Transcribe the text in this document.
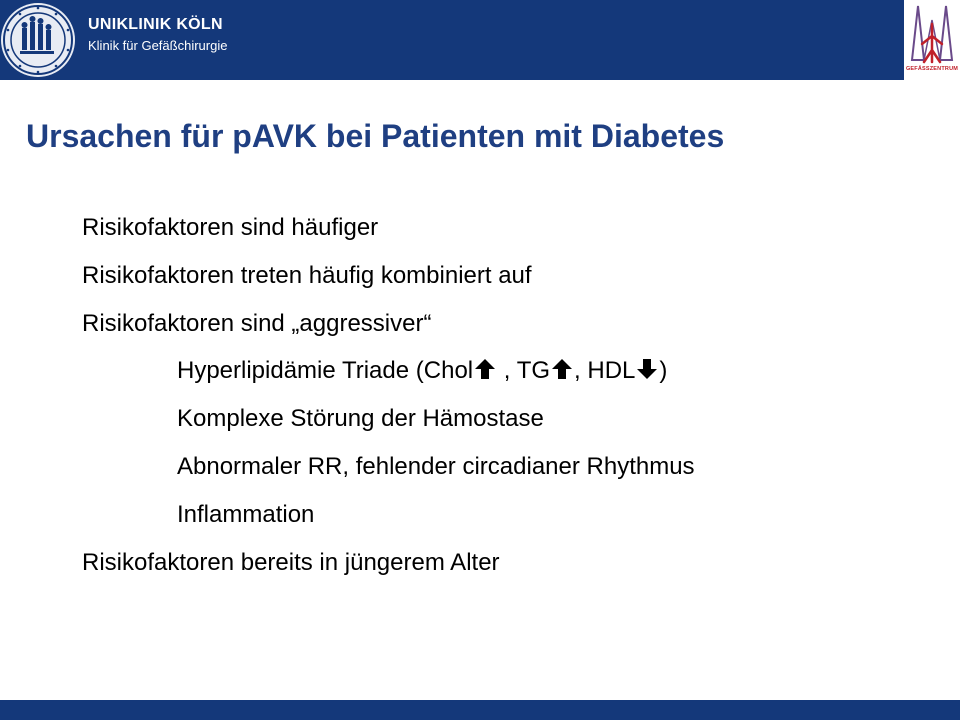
UNIKLINIK KÖLN
Klinik für Gefäßchirurgie
GEFÄSSZENTRUM
Ursachen für pAVK bei Patienten mit Diabetes
Risikofaktoren sind häufiger
Risikofaktoren treten häufig kombiniert auf
Risikofaktoren sind „aggressiver“
Hyperlipidämie Triade (Chol , TG , HDL )
Komplexe Störung der Hämostase
Abnormaler RR, fehlender circadianer Rhythmus
Inflammation
Risikofaktoren bereits in jüngerem Alter
